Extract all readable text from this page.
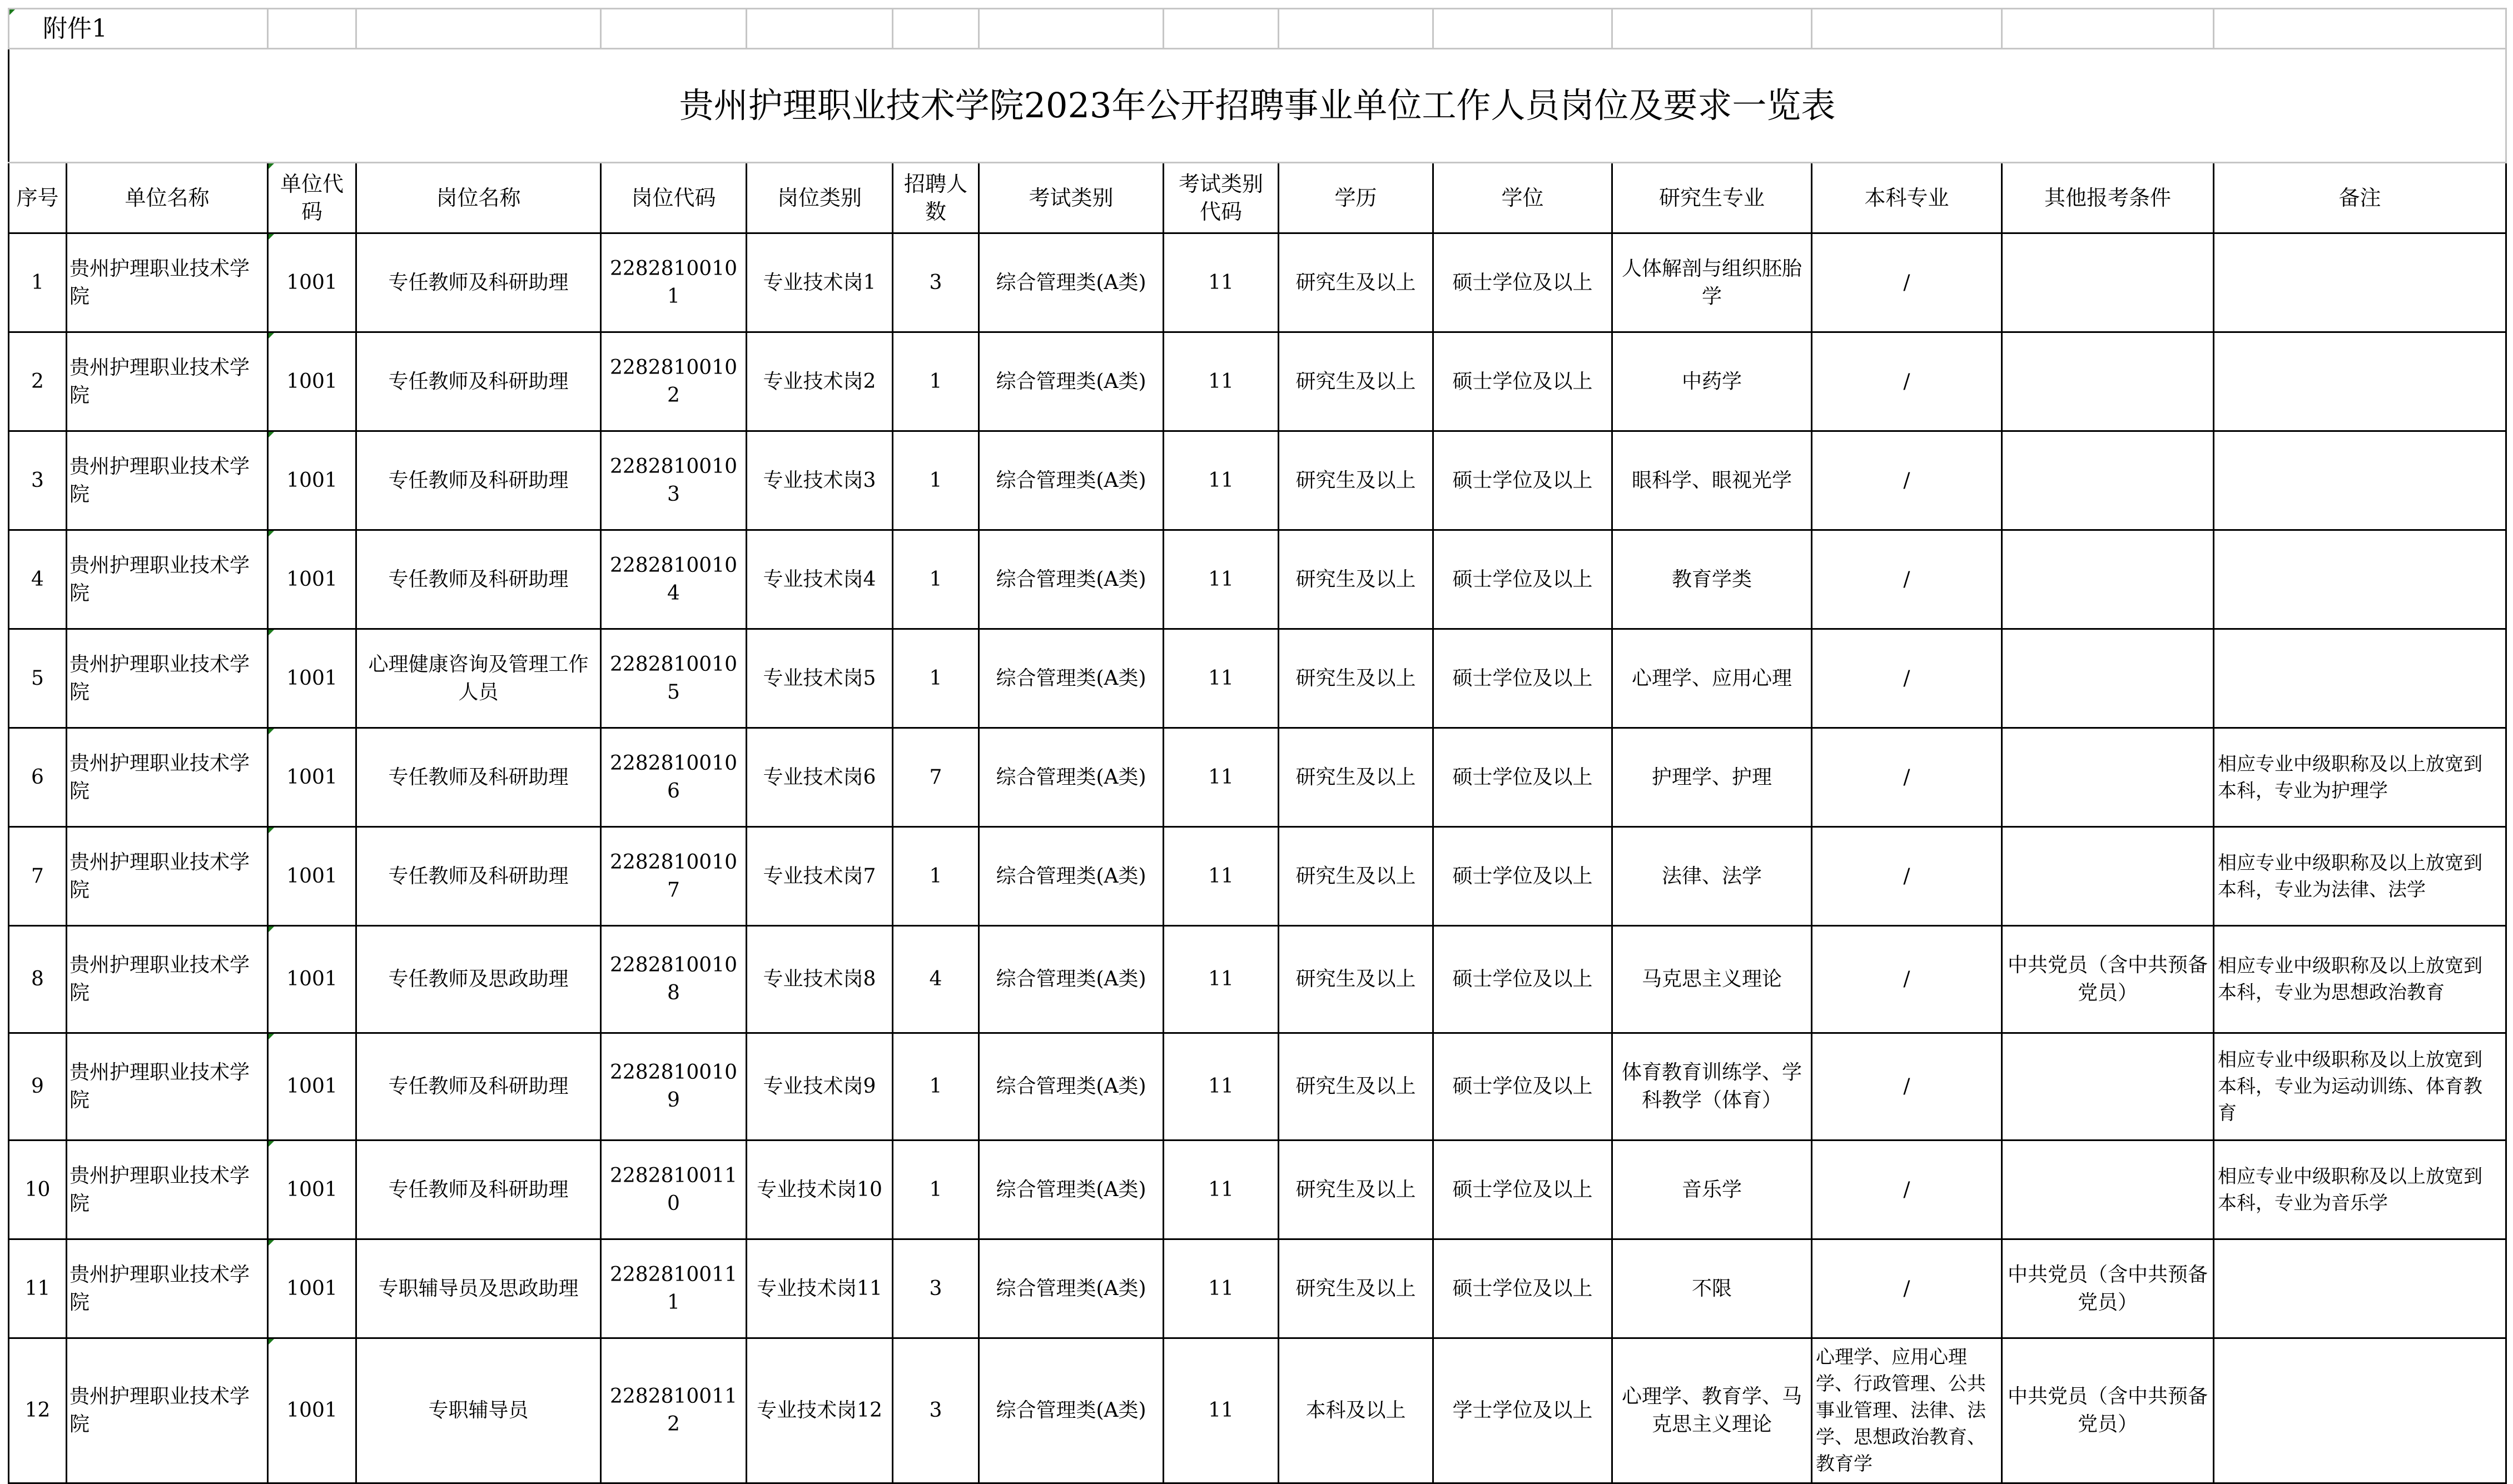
附件1														
贵州护理职业技术学院2023年公开招聘事业单位工作人员岗位及要求一览表														
序号	单位名称	单位代码	岗位名称	岗位代码	岗位类别	招聘人数	考试类别	考试类别代码	学历	学位	研究生专业	本科专业	其他报考条件	备注
1	贵州护理职业技术学院	1001	专任教师及科研助理	22828100101	专业技术岗1	3	综合管理类(A类)	11	研究生及以上	硕士学位及以上	人体解剖与组织胚胎学	/		
2	贵州护理职业技术学院	1001	专任教师及科研助理	22828100102	专业技术岗2	1	综合管理类(A类)	11	研究生及以上	硕士学位及以上	中药学	/		
3	贵州护理职业技术学院	1001	专任教师及科研助理	22828100103	专业技术岗3	1	综合管理类(A类)	11	研究生及以上	硕士学位及以上	眼科学、眼视光学	/		
4	贵州护理职业技术学院	1001	专任教师及科研助理	22828100104	专业技术岗4	1	综合管理类(A类)	11	研究生及以上	硕士学位及以上	教育学类	/		
5	贵州护理职业技术学院	1001	心理健康咨询及管理工作人员	22828100105	专业技术岗5	1	综合管理类(A类)	11	研究生及以上	硕士学位及以上	心理学、应用心理	/		
6	贵州护理职业技术学院	1001	专任教师及科研助理	22828100106	专业技术岗6	7	综合管理类(A类)	11	研究生及以上	硕士学位及以上	护理学、护理	/		相应专业中级职称及以上放宽到本科，专业为护理学
7	贵州护理职业技术学院	1001	专任教师及科研助理	22828100107	专业技术岗7	1	综合管理类(A类)	11	研究生及以上	硕士学位及以上	法律、法学	/		相应专业中级职称及以上放宽到本科，专业为法律、法学
8	贵州护理职业技术学院	1001	专任教师及思政助理	22828100108	专业技术岗8	4	综合管理类(A类)	11	研究生及以上	硕士学位及以上	马克思主义理论	/	中共党员（含中共预备党员）	相应专业中级职称及以上放宽到本科，专业为思想政治教育
9	贵州护理职业技术学院	1001	专任教师及科研助理	22828100109	专业技术岗9	1	综合管理类(A类)	11	研究生及以上	硕士学位及以上	体育教育训练学、学科教学（体育）	/		相应专业中级职称及以上放宽到本科，专业为运动训练、体育教育
10	贵州护理职业技术学院	1001	专任教师及科研助理	22828100110	专业技术岗10	1	综合管理类(A类)	11	研究生及以上	硕士学位及以上	音乐学	/		相应专业中级职称及以上放宽到本科，专业为音乐学
11	贵州护理职业技术学院	1001	专职辅导员及思政助理	22828100111	专业技术岗11	3	综合管理类(A类)	11	研究生及以上	硕士学位及以上	不限	/	中共党员（含中共预备党员）	
12	贵州护理职业技术学院	1001	专职辅导员	22828100112	专业技术岗12	3	综合管理类(A类)	11	本科及以上	学士学位及以上	心理学、教育学、马克思主义理论	心理学、应用心理学、行政管理、公共事业管理、法律、法学、思想政治教育、教育学	中共党员（含中共预备党员）	
